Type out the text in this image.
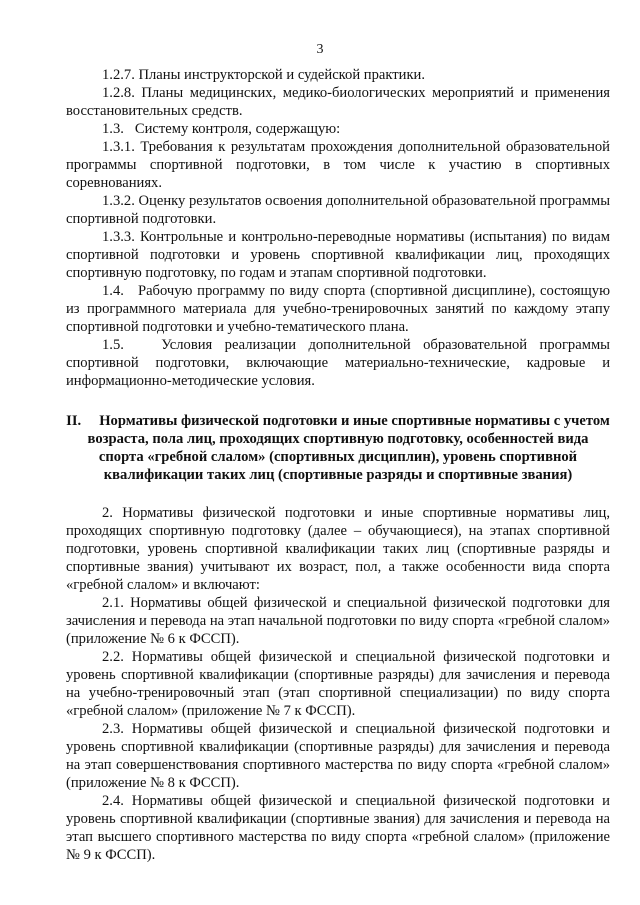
3

1.2.7. Планы инструкторской и судейской практики.

1.2.8. Планы медицинских, медико-биологических мероприятий и применения восстановительных средств.

1.3.   Систему контроля, содержащую:

1.3.1. Требования к результатам прохождения дополнительной образовательной программы спортивной подготовки, в том числе к участию в спортивных соревнованиях.

1.3.2. Оценку результатов освоения дополнительной образовательной программы спортивной подготовки.

1.3.3. Контрольные и контрольно-переводные нормативы (испытания) по видам спортивной подготовки и уровень спортивной квалификации лиц, проходящих спортивную подготовку, по годам и этапам спортивной подготовки.

1.4.   Рабочую программу по виду спорта (спортивной дисциплине), состоящую из программного материала для учебно-тренировочных занятий по каждому этапу спортивной подготовки и учебно-тематического плана.

1.5.   Условия реализации дополнительной образовательной программы спортивной подготовки, включающие материально-технические, кадровые и информационно-методические условия.

II. Нормативы физической подготовки и иные спортивные нормативы с учетом возраста, пола лиц, проходящих спортивную подготовку, особенностей вида спорта «гребной слалом» (спортивных дисциплин), уровень спортивной квалификации таких лиц (спортивные разряды и спортивные звания)

2. Нормативы физической подготовки и иные спортивные нормативы лиц, проходящих спортивную подготовку (далее – обучающиеся), на этапах спортивной подготовки, уровень спортивной квалификации таких лиц (спортивные разряды и спортивные звания) учитывают их возраст, пол, а также особенности вида спорта «гребной слалом» и включают:

2.1. Нормативы общей физической и специальной физической подготовки для зачисления и перевода на этап начальной подготовки по виду спорта «гребной слалом» (приложение № 6 к ФССП).

2.2. Нормативы общей физической и специальной физической подготовки и уровень спортивной квалификации (спортивные разряды) для зачисления и перевода на учебно-тренировочный этап (этап спортивной специализации) по виду спорта «гребной слалом» (приложение № 7 к ФССП).

2.3. Нормативы общей физической и специальной физической подготовки и уровень спортивной квалификации (спортивные разряды) для зачисления и перевода на этап совершенствования спортивного мастерства по виду спорта «гребной слалом» (приложение № 8 к ФССП).

2.4. Нормативы общей физической и специальной физической подготовки и уровень спортивной квалификации (спортивные звания) для зачисления и перевода на этап высшего спортивного мастерства по виду спорта «гребной слалом» (приложение № 9 к ФССП).
